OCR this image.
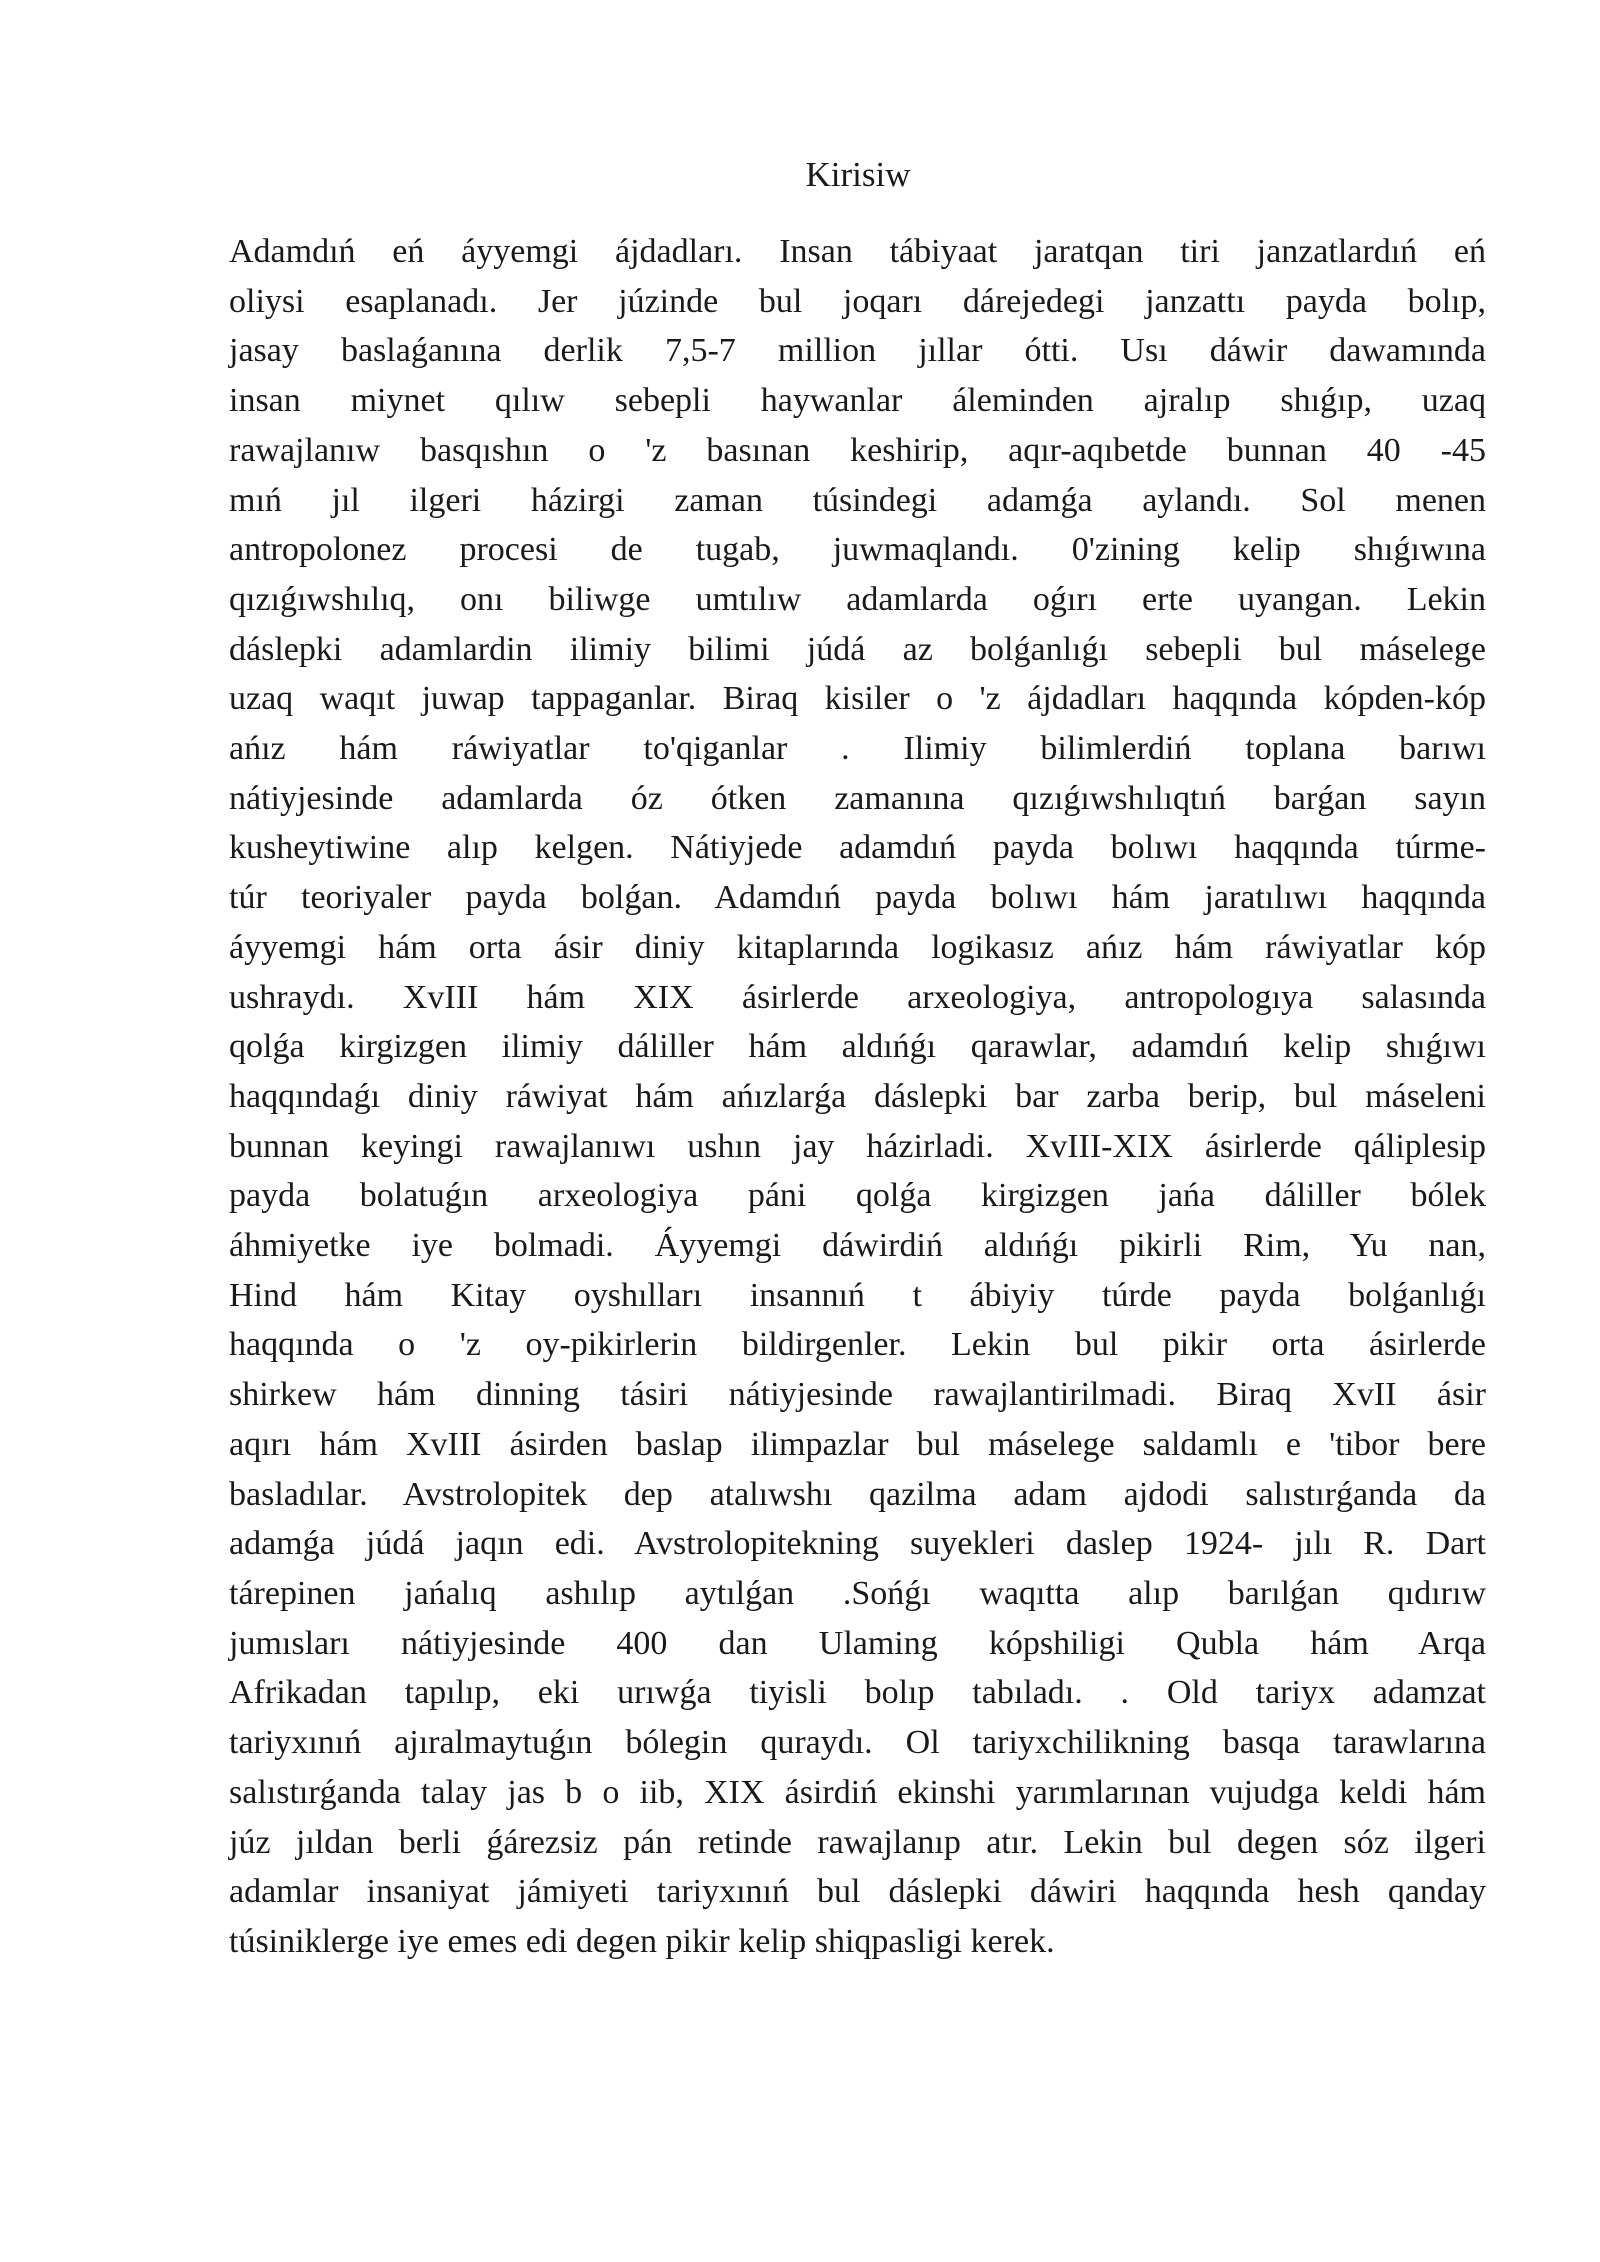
Kirisiw
Adamdıń eń áyyemgi ájdadları. Insan tábiyaat jaratqan tiri janzatlardıń eń
oliysi esaplanadı. Jer júzinde bul joqarı dárejedegi janzattı payda bolıp,
jasay baslaǵanına derlik 7,5-7 million jıllar ótti. Usı dáwir dawamında
insan miynet qılıw sebepli haywanlar áleminden ajralıp shıǵıp, uzaq
rawajlanıw basqıshın o 'z basınan keshirip, aqır-aqıbetde bunnan 40 -45
mıń jıl ilgeri házirgi zaman túsindegi adamǵa aylandı. Sol menen
antropolonez procesi de tugab, juwmaqlandı. 0'zining kelip shıǵıwına
qızıǵıwshılıq, onı biliwge umtılıw adamlarda oǵırı erte uyangan. Lekin
dáslepki adamlardin ilimiy bilimi júdá az bolǵanlıǵı sebepli bul máselege
uzaq waqıt juwap tappaganlar. Biraq kisiler o 'z ájdadları haqqında kópden-kóp
ańız hám ráwiyatlar to'qiganlar . Ilimiy bilimlerdiń toplana barıwı
nátiyjesinde adamlarda óz ótken zamanına qızıǵıwshılıqtıń barǵan sayın
kusheytiwine alıp kelgen. Nátiyjede adamdıń payda bolıwı haqqında túrme-
túr teoriyaler payda bolǵan. Adamdıń payda bolıwı hám jaratılıwı haqqında
áyyemgi hám orta ásir diniy kitaplarında logikasız ańız hám ráwiyatlar kóp
ushraydı. XvIII hám XIX ásirlerde arxeologiya, antropologıya salasında
qolǵa kirgizgen ilimiy dáliller hám aldıńǵı qarawlar, adamdıń kelip shıǵıwı
haqqındaǵı diniy ráwiyat hám ańızlarǵa dáslepki bar zarba berip, bul máseleni
bunnan keyingi rawajlanıwı ushın jay házirladi. XvIII-XIX ásirlerde qáliplesip
payda bolatuǵın arxeologiya páni qolǵa kirgizgen jańa dáliller bólek
áhmiyetke iye bolmadi. Áyyemgi dáwirdiń aldıńǵı pikirli Rim, Yu nan,
Hind hám Kitay oyshılları insannıń t ábiyiy túrde payda bolǵanlıǵı
haqqında o 'z oy-pikirlerin bildirgenler. Lekin bul pikir orta ásirlerde
shirkew hám dinning tásiri nátiyjesinde rawajlantirilmadi. Biraq XvII ásir
aqırı hám XvIII ásirden baslap ilimpazlar bul máselege saldamlı e 'tibor bere
basladılar. Avstrolopitek dep atalıwshı qazilma adam ajdodi salıstırǵanda da
adamǵa júdá jaqın edi. Avstrolopitekning suyekleri daslep 1924- jılı R. Dart
tárepinen jańalıq ashılıp aytılǵan .Sońǵı waqıtta alıp barılǵan qıdırıw
jumısları nátiyjesinde 400 dan Ulaming kópshiligi Qubla hám Arqa
Afrikadan tapılıp, eki urıwǵa tiyisli bolıp tabıladı. . Old tariyx adamzat
tariyxınıń ajıralmaytuǵın bólegin quraydı. Ol tariyxchilikning basqa tarawlarına
salıstırǵanda talay jas b o iib, XIX ásirdiń ekinshi yarımlarınan vujudga keldi hám
júz jıldan berli ǵárezsiz pán retinde rawajlanıp atır. Lekin bul degen sóz ilgeri
adamlar insaniyat jámiyeti tariyxınıń bul dáslepki dáwiri haqqında hesh qanday
túsiniklerge iye emes edi degen pikir kelip shiqpasligi kerek.
